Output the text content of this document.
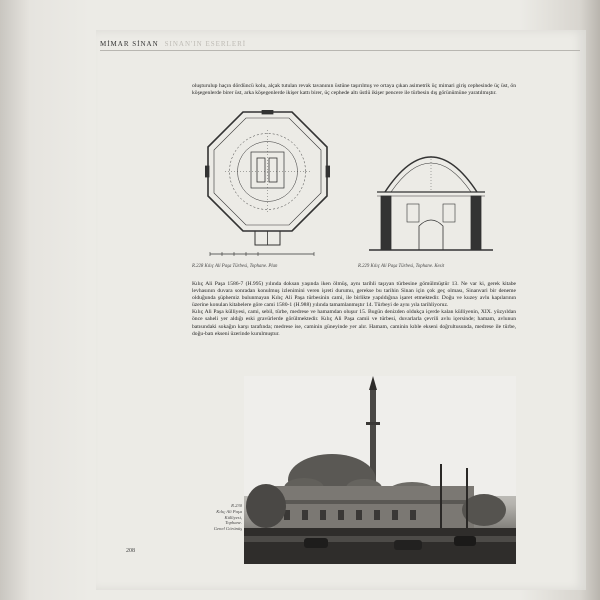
MİMAR SİNAN SINAN'IN ESERLERİ

oluşturulup haçın dördüncü kolu, alçak tutulan revak tavanının üstüne taşırılmış ve ortaya çıkan asimetrik üç mimari giriş cephesinde üç üst, ön köşegenlerde birer üst, arka köşegenlerde ikişer kattı birer, üç cephede altı üstlü ikişer pencere ile türbesin dış görünümüne yaratılmıştır.

R.228 Kılıç Ali Paşa Türbesi, Tophane. Plan	R.229 Kılıç Ali Paşa Türbesi, Tophane. Kesit

Kılıç Ali Paşa 1586-7 (H.995) yılında doksan yaşında iken ölmüş, aynı tarihli taşıyan türbesine gömülmüştür 13. Ne var ki, gerek kitabe levhasının duvara sonradan konulmuş izlenimini veren işreti durumu, gerekse bu tarihin Sinan için çok geç olması, Sinanvari bir deneme olduğunda şüphemiz bulunmayan Kılıç Ali Paşa türbesinin cami, ile birlikte yapıldığına işaret etmektedir. Doğu ve kuzey avlu kapılarının üzerine konulan kitabelere göre cami 1580-1 (H.988) yılında tamamlanmıştır 14. Türbeyi de aynı yıla tarihliyoruz.
Kılıç Ali Paşa külliyesi, cami, sebil, türbe, medrese ve hamamdan oluşur 15. Bugün denizden oldukça içerde kalan külliyenin, XIX. yüzyıldan önce saheli yer aldığı eski gravürlerde görülmektedir. Kılıç Ali Paşa camii ve türbesi, duvarlarla çevrili avlu içersinde; hamam, avlunun batısındaki sokağın karşı tarafında; medrese ise, caminin güneyinde yer alır. Hamam, caminin kıble ekseni doğrultusunda, medrese ile türbe, doğu-batı ekseni üzerinde kurulmuştur.

R.230
Kılıç Ali Paşa
Külliyesi,
Tophane.
Genel Görünüş
208
